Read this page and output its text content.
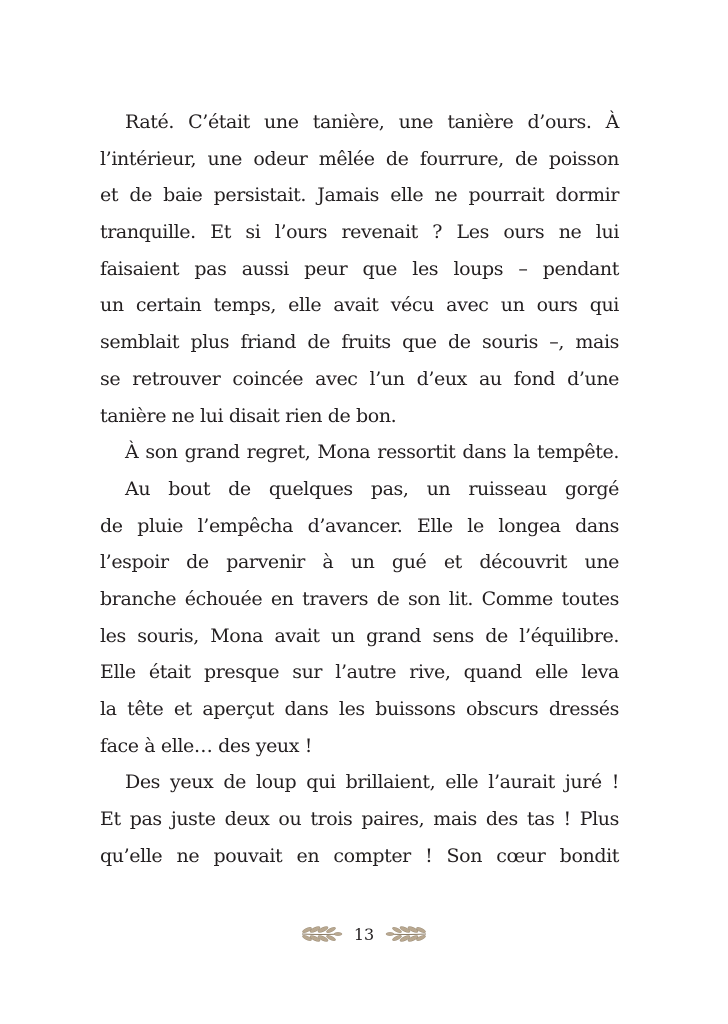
Raté. C’était une tanière, une tanière d’ours. À
l’intérieur, une odeur mêlée de fourrure, de poisson
et de baie persistait. Jamais elle ne pourrait dormir
tranquille. Et si l’ours revenait ? Les ours ne lui
faisaient pas aussi peur que les loups – pendant
un certain temps, elle avait vécu avec un ours qui
semblait plus friand de fruits que de souris –, mais
se retrouver coincée avec l’un d’eux au fond d’une
tanière ne lui disait rien de bon.
À son grand regret, Mona ressortit dans la tempête.
Au bout de quelques pas, un ruisseau gorgé
de pluie l’empêcha d’avancer. Elle le longea dans
l’espoir de parvenir à un gué et découvrit une
branche échouée en travers de son lit. Comme toutes
les souris, Mona avait un grand sens de l’équilibre.
Elle était presque sur l’autre rive, quand elle leva
la tête et aperçut dans les buissons obscurs dressés
face à elle… des yeux !
Des yeux de loup qui brillaient, elle l’aurait juré !
Et pas juste deux ou trois paires, mais des tas ! Plus
qu’elle ne pouvait en compter ! Son cœur bondit
13
